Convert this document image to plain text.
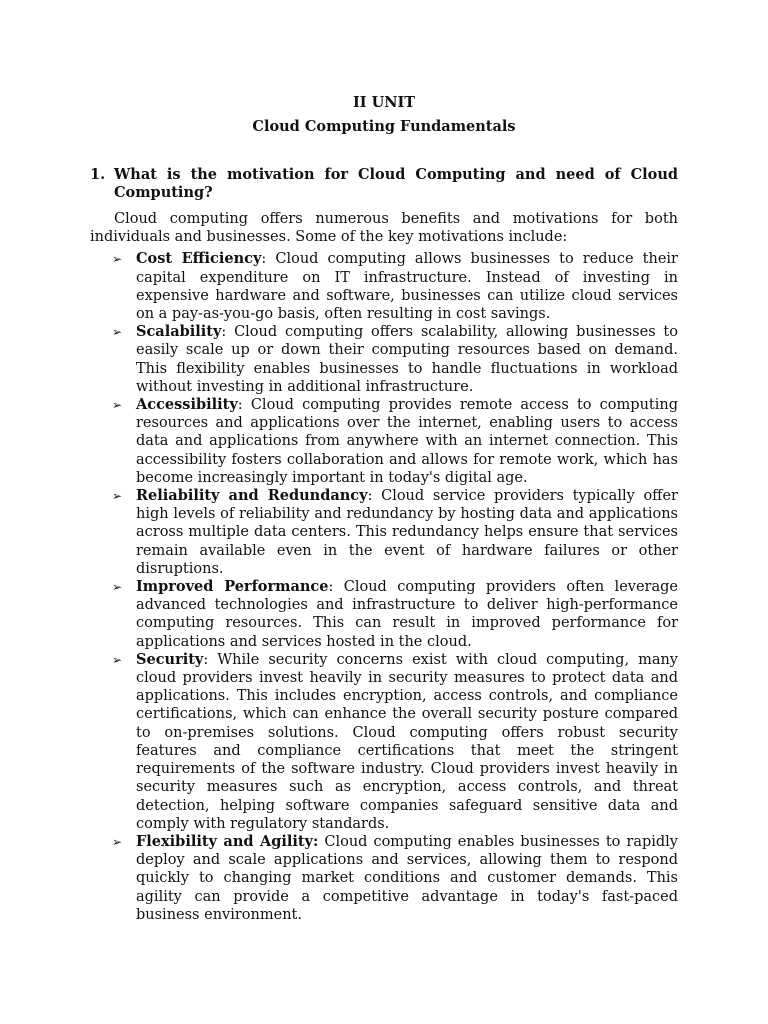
II UNIT

Cloud Computing Fundamentals

1. What is the motivation for Cloud Computing and need of Cloud Computing?

Cloud computing offers numerous benefits and motivations for both individuals and businesses. Some of the key motivations include:

➢ Cost Efficiency: Cloud computing allows businesses to reduce their capital expenditure on IT infrastructure. Instead of investing in expensive hardware and software, businesses can utilize cloud services on a pay-as-you-go basis, often resulting in cost savings.
➢ Scalability: Cloud computing offers scalability, allowing businesses to easily scale up or down their computing resources based on demand. This flexibility enables businesses to handle fluctuations in workload without investing in additional infrastructure.
➢ Accessibility: Cloud computing provides remote access to computing resources and applications over the internet, enabling users to access data and applications from anywhere with an internet connection. This accessibility fosters collaboration and allows for remote work, which has become increasingly important in today's digital age.
➢ Reliability and Redundancy: Cloud service providers typically offer high levels of reliability and redundancy by hosting data and applications across multiple data centers. This redundancy helps ensure that services remain available even in the event of hardware failures or other disruptions.
➢ Improved Performance: Cloud computing providers often leverage advanced technologies and infrastructure to deliver high-performance computing resources. This can result in improved performance for applications and services hosted in the cloud.
➢ Security: While security concerns exist with cloud computing, many cloud providers invest heavily in security measures to protect data and applications. This includes encryption, access controls, and compliance certifications, which can enhance the overall security posture compared to on-premises solutions. Cloud computing offers robust security features and compliance certifications that meet the stringent requirements of the software industry. Cloud providers invest heavily in security measures such as encryption, access controls, and threat detection, helping software companies safeguard sensitive data and comply with regulatory standards.
➢ Flexibility and Agility: Cloud computing enables businesses to rapidly deploy and scale applications and services, allowing them to respond quickly to changing market conditions and customer demands. This agility can provide a competitive advantage in today's fast-paced business environment.
